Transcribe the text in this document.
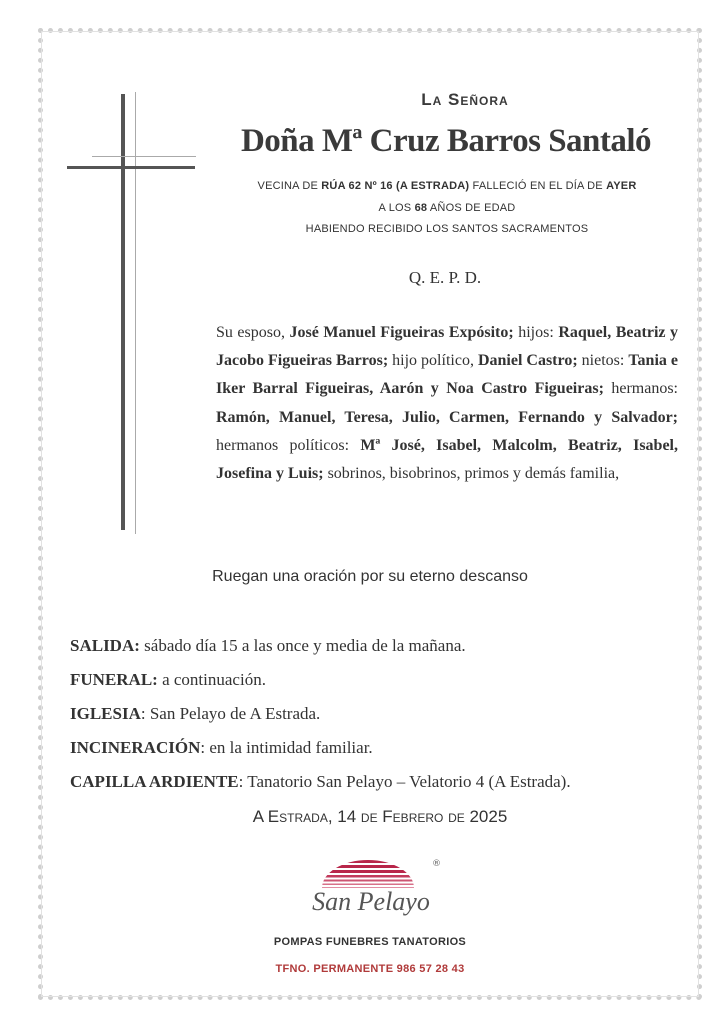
La Señora
Doña Mª Cruz Barros Santaló
VECINA DE RÚA 62 Nº 16 (A ESTRADA) FALLECIÓ EN EL DÍA DE AYER
A LOS 68 AÑOS DE EDAD
HABIENDO RECIBIDO LOS SANTOS SACRAMENTOS
Q. E. P. D.
Su esposo, José Manuel Figueiras Expósito; hijos: Raquel, Beatriz y Jacobo Figueiras Barros; hijo político, Daniel Castro; nietos: Tania e Iker Barral Figueiras, Aarón y Noa Castro Figueiras; hermanos: Ramón, Manuel, Teresa, Julio, Carmen, Fernando y Salvador; hermanos políticos: Mª José, Isabel, Malcolm, Beatriz, Isabel, Josefina y Luis; sobrinos, bisobrinos, primos y demás familia,
Ruegan una oración por su eterno descanso
SALIDA: sábado día 15 a las once y media de la mañana.
FUNERAL: a continuación.
IGLESIA: San Pelayo de A Estrada.
INCINERACIÓN: en la intimidad familiar.
CAPILLA ARDIENTE: Tanatorio San Pelayo – Velatorio 4 (A Estrada).
A Estrada, 14 de Febrero de 2025
®
San Pelayo
POMPAS FUNEBRES TANATORIOS
TFNO. PERMANENTE 986 57 28 43
